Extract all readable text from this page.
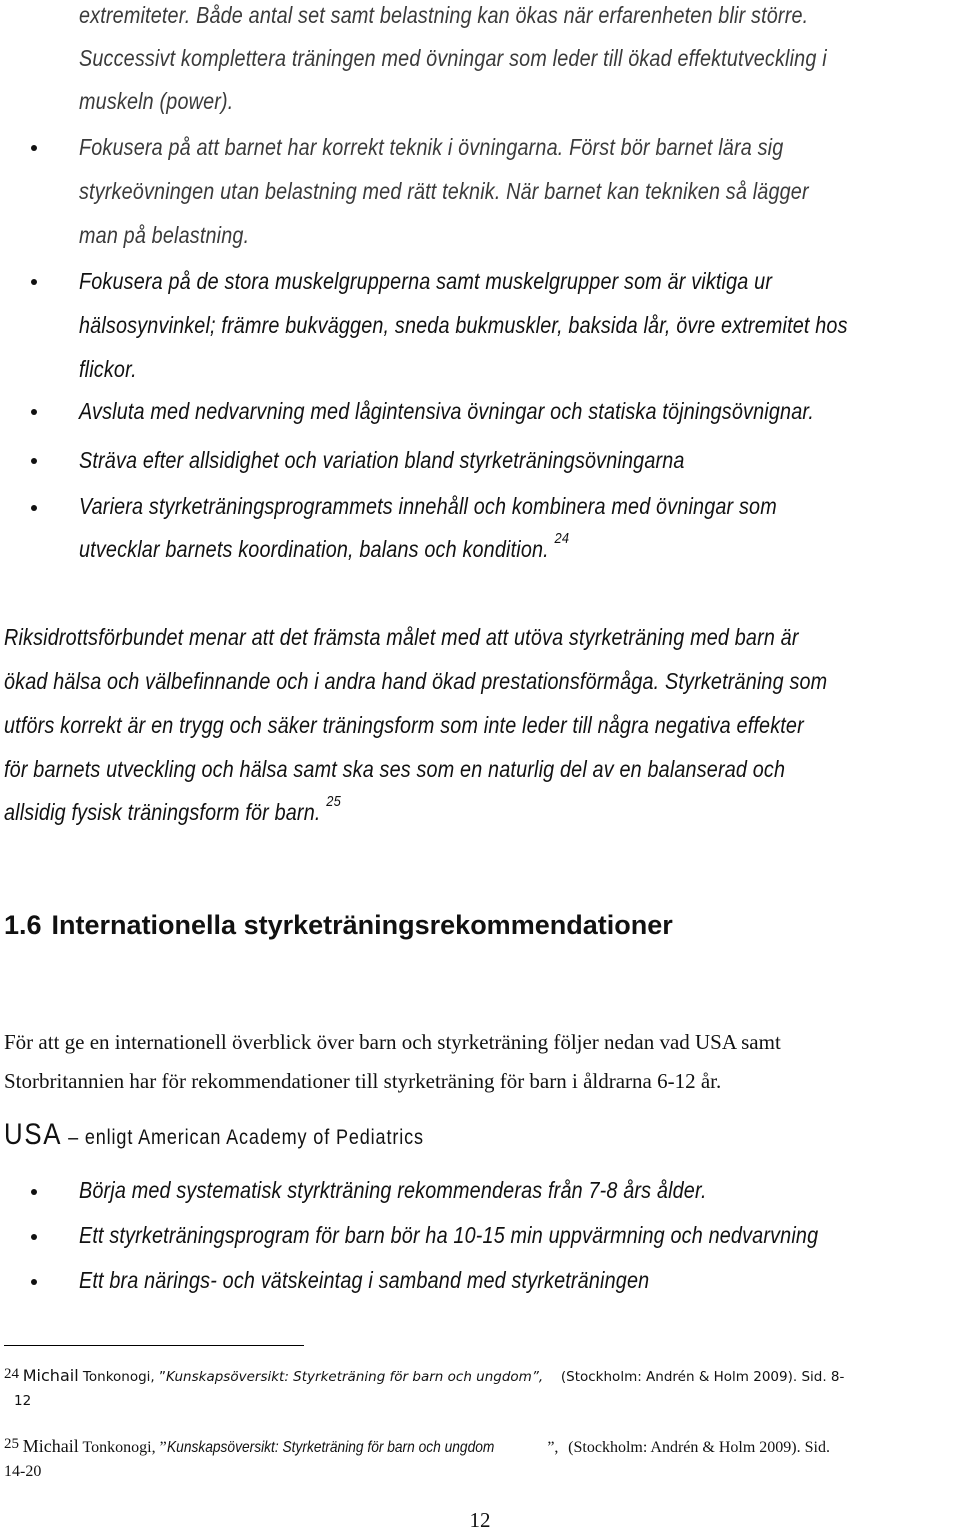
extremiteter. Både antal set samt belastning kan ökas när erfarenheten blir större.
Successivt komplettera träningen med övningar som leder till ökad effektutveckling i
muskeln (power).
Fokusera på att barnet har korrekt teknik i övningarna. Först bör barnet lära sig
styrkeövningen utan belastning med rätt teknik. När barnet kan tekniken så lägger
man på belastning.
Fokusera på de stora muskelgrupperna samt muskelgrupper som är viktiga ur
hälsosynvinkel; främre bukväggen, sneda bukmuskler, baksida lår, övre extremitet hos
flickor.
Avsluta med nedvarvning med lågintensiva övningar och statiska töjningsövnignar.
Sträva efter allsidighet och variation bland styrketräningsövningarna
Variera styrketräningsprogrammets innehåll och kombinera med övningar som
utvecklar barnets koordination, balans och kondition. $^{24}$
Riksidrottsförbundet menar att det främsta målet med att utöva styrketräning med barn är
ökad hälsa och välbefinnande och i andra hand ökad prestationsförmåga. Styrketräning som
utförs korrekt är en trygg och säker träningsform som inte leder till några negativa effekter
för barnets utveckling och hälsa samt ska ses som en naturlig del av en balanserad och
allsidig fysisk träningsform för barn. $^{25}$
1.6 Internationella styrketräningsrekommendationer
För att ge en internationell överblick över barn och styrketräning följer nedan vad USA samt
Storbritannien har för rekommendationer till styrketräning för barn i åldrarna 6-12 år.
USA – enligt American Academy of Pediatrics
Börja med systematisk styrkträning rekommenderas från 7-8 års ålder.
Ett styrketräningsprogram för barn bör ha 10-15 min uppvärmning och nedvarvning
Ett bra närings- och vätskeintag i samband med styrketräningen
$^{24}$ Michail Tonkonogi, ”Kunskapsöversikt: Styrketräning för barn och ungdom”, (Stockholm: Andrén & Holm 2009). Sid. 8-
12
$^{25}$ Michail Tonkonogi, ”Kunskapsöversikt: Styrketräning för barn och ungdom	”, (Stockholm: Andrén & Holm 2009). Sid.
14-20
12
